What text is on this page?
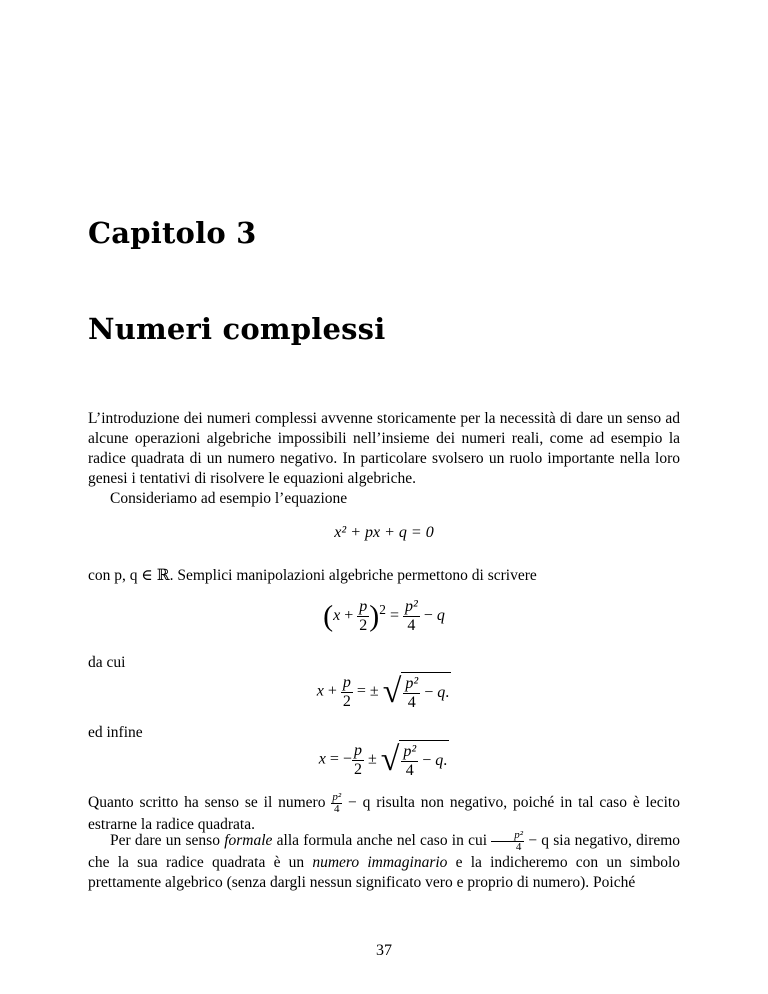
Capitolo 3
Numeri complessi
L’introduzione dei numeri complessi avvenne storicamente per la necessità di dare un senso ad alcune operazioni algebriche impossibili nell’insieme dei numeri reali, come ad esempio la radice quadrata di un numero negativo. In particolare svolsero un ruolo importante nella loro genesi i tentativi di risolvere le equazioni algebriche.
Consideriamo ad esempio l’equazione
x² + px + q = 0
con p, q ∈ ℝ. Semplici manipolazioni algebriche permettono di scrivere
$(x + \frac{p}{2} )^2 = \frac{\text{p²}}{4} - q$
da cui
$x + \frac{p}{2}$ = ± √ $\frac{\text{p²}}{4} - q$.
ed infine
x = − $\frac{p}{2}$ ± √ $\frac{\text{p²}}{4} - q$.
Quanto scritto ha senso se il numero $\frac{\text{p²}}{4} - q$ risulta non negativo, poiché in tal caso è lecito estrarne la radice quadrata.
Per dare un senso formale alla formula anche nel caso in cui $\frac{\text{p²}}{4} - q$ sia negativo, diremo che la sua radice quadrata è un numero immaginario e la indicheremo con un simbolo prettamente algebrico (senza dargli nessun significato vero e proprio di numero). Poiché
37
